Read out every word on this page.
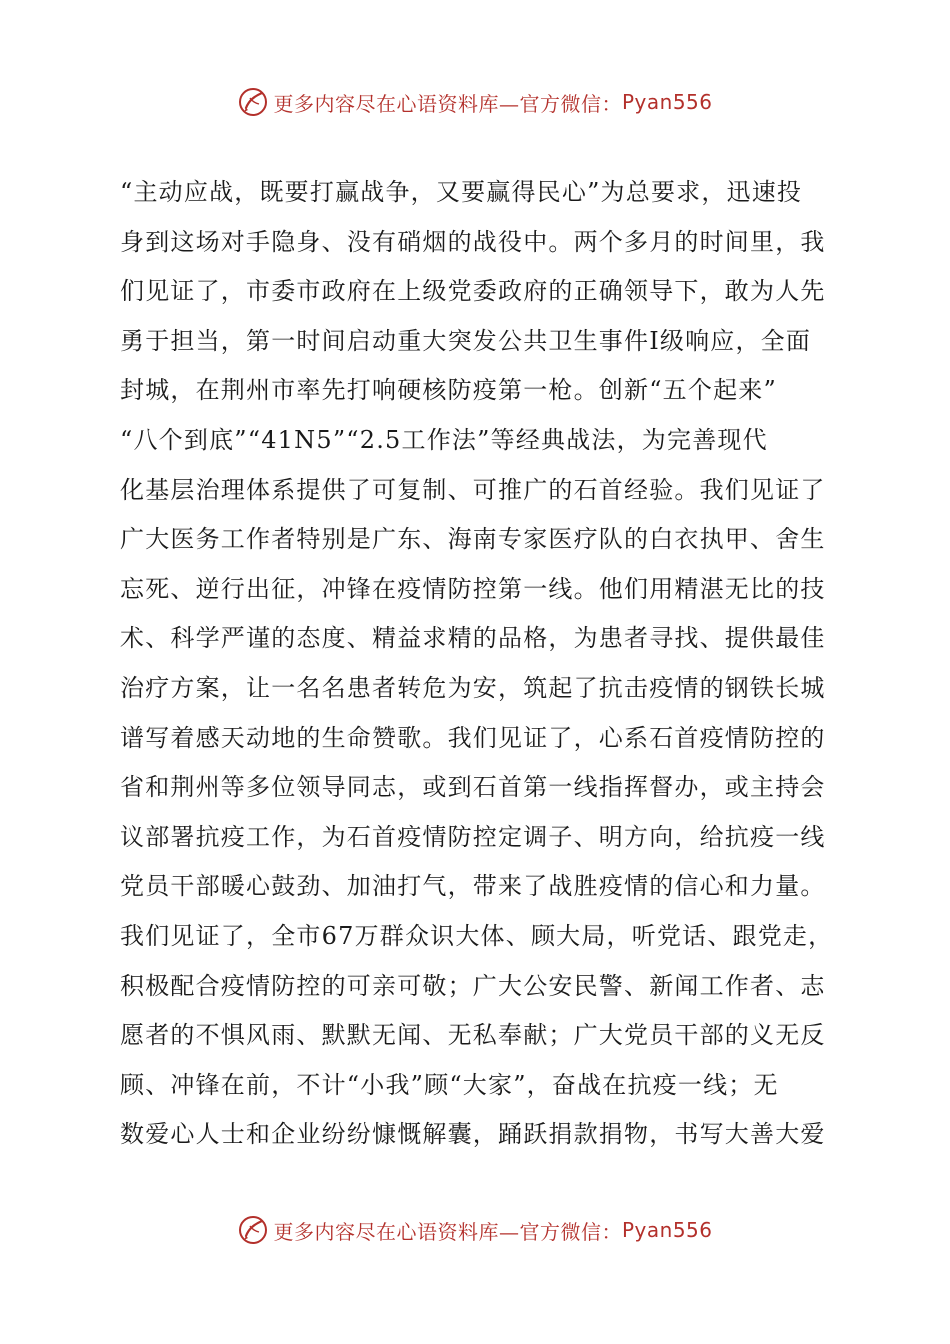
更多内容尽在心语资料库—官方微信： Pyan556
“主动应战，既要打赢战争，又要赢得民心”为总要求，迅速投
身到这场对手隐身、没有硝烟的战役中。两个多月的时间里，我
们见证了，市委市政府在上级党委政府的正确领导下，敢为人先
勇于担当，第一时间启动重大突发公共卫生事件Ⅰ级响应，全面
封城，在荆州市率先打响硬核防疫第一枪。创新“五个起来”
“八个到底”“41N5”“2.5工作法”等经典战法，为完善现代
化基层治理体系提供了可复制、可推广的石首经验。我们见证了
广大医务工作者特别是广东、海南专家医疗队的白衣执甲、舍生
忘死、逆行出征，冲锋在疫情防控第一线。他们用精湛无比的技
术、科学严谨的态度、精益求精的品格，为患者寻找、提供最佳
治疗方案，让一名名患者转危为安，筑起了抗击疫情的钢铁长城
谱写着感天动地的生命赞歌。我们见证了，心系石首疫情防控的
省和荆州等多位领导同志，或到石首第一线指挥督办，或主持会
议部署抗疫工作，为石首疫情防控定调子、明方向，给抗疫一线
党员干部暖心鼓劲、加油打气，带来了战胜疫情的信心和力量。
我们见证了，全市67万群众识大体、顾大局，听党话、跟党走，
积极配合疫情防控的可亲可敬；广大公安民警、新闻工作者、志
愿者的不惧风雨、默默无闻、无私奉献；广大党员干部的义无反
顾、冲锋在前，不计“小我”顾“大家”，奋战在抗疫一线；无
数爱心人士和企业纷纷慷慨解囊，踊跃捐款捐物，书写大善大爱
更多内容尽在心语资料库—官方微信： Pyan556
